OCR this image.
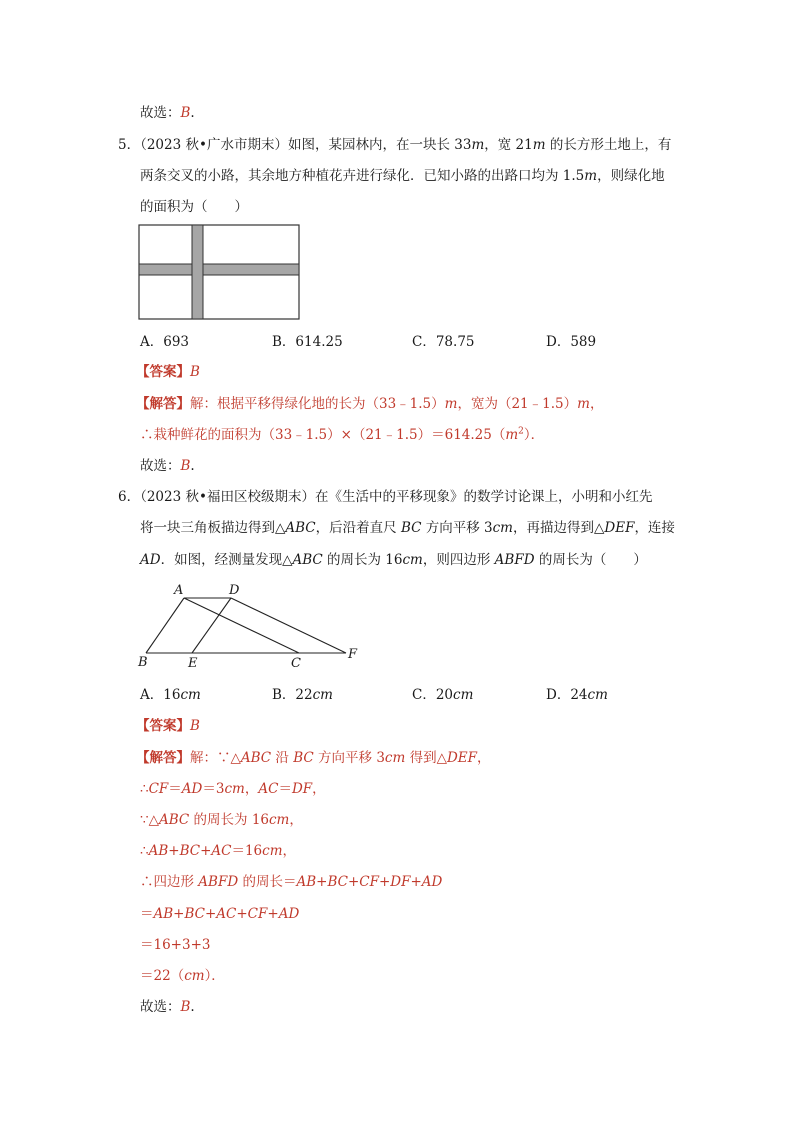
故选：B.
5．（2023 秋•广水市期末）如图，某园林内，在一块长 33m，宽 21m 的长方形土地上，有
两条交叉的小路，其余地方种植花卉进行绿化．已知小路的出路口均为 1.5m，则绿化地
的面积为（　　）
A．693	B．614.25	C．78.75	D．589
【答案】B
【解答】解：根据平移得绿化地的长为（33﹣1.5）m，宽为（21﹣1.5）m，
∴栽种鲜花的面积为$(33﹣1.5)\times(21﹣1.5)=614.25(m^2)$．
故选：B.
6．（2023 秋•福田区校级期末）在《生活中的平移现象》的数学讨论课上，小明和小红先
将一块三角板描边得到△ABC，后沿着直尺 BC 方向平移 3cm，再描边得到△DEF，连接
AD．如图，经测量发现△ABC 的周长为 16cm，则四边形 ABFD 的周长为（　　）
A	D
B	E	C
F
A．16cm	B．22cm	C．20cm	D．24cm
【答案】B
【解答】解：∵△ABC 沿 BC 方向平移 3cm 得到△DEF，
∴CF＝AD＝3cm，AC＝DF，
∵△ABC 的周长为 16cm，
∴AB+BC+AC＝16cm，
∴四边形 ABFD 的周长＝AB+BC+CF+DF+AD
＝AB+BC+AC+CF+AD
＝16+3+3
＝22（cm）．
故选：B.
